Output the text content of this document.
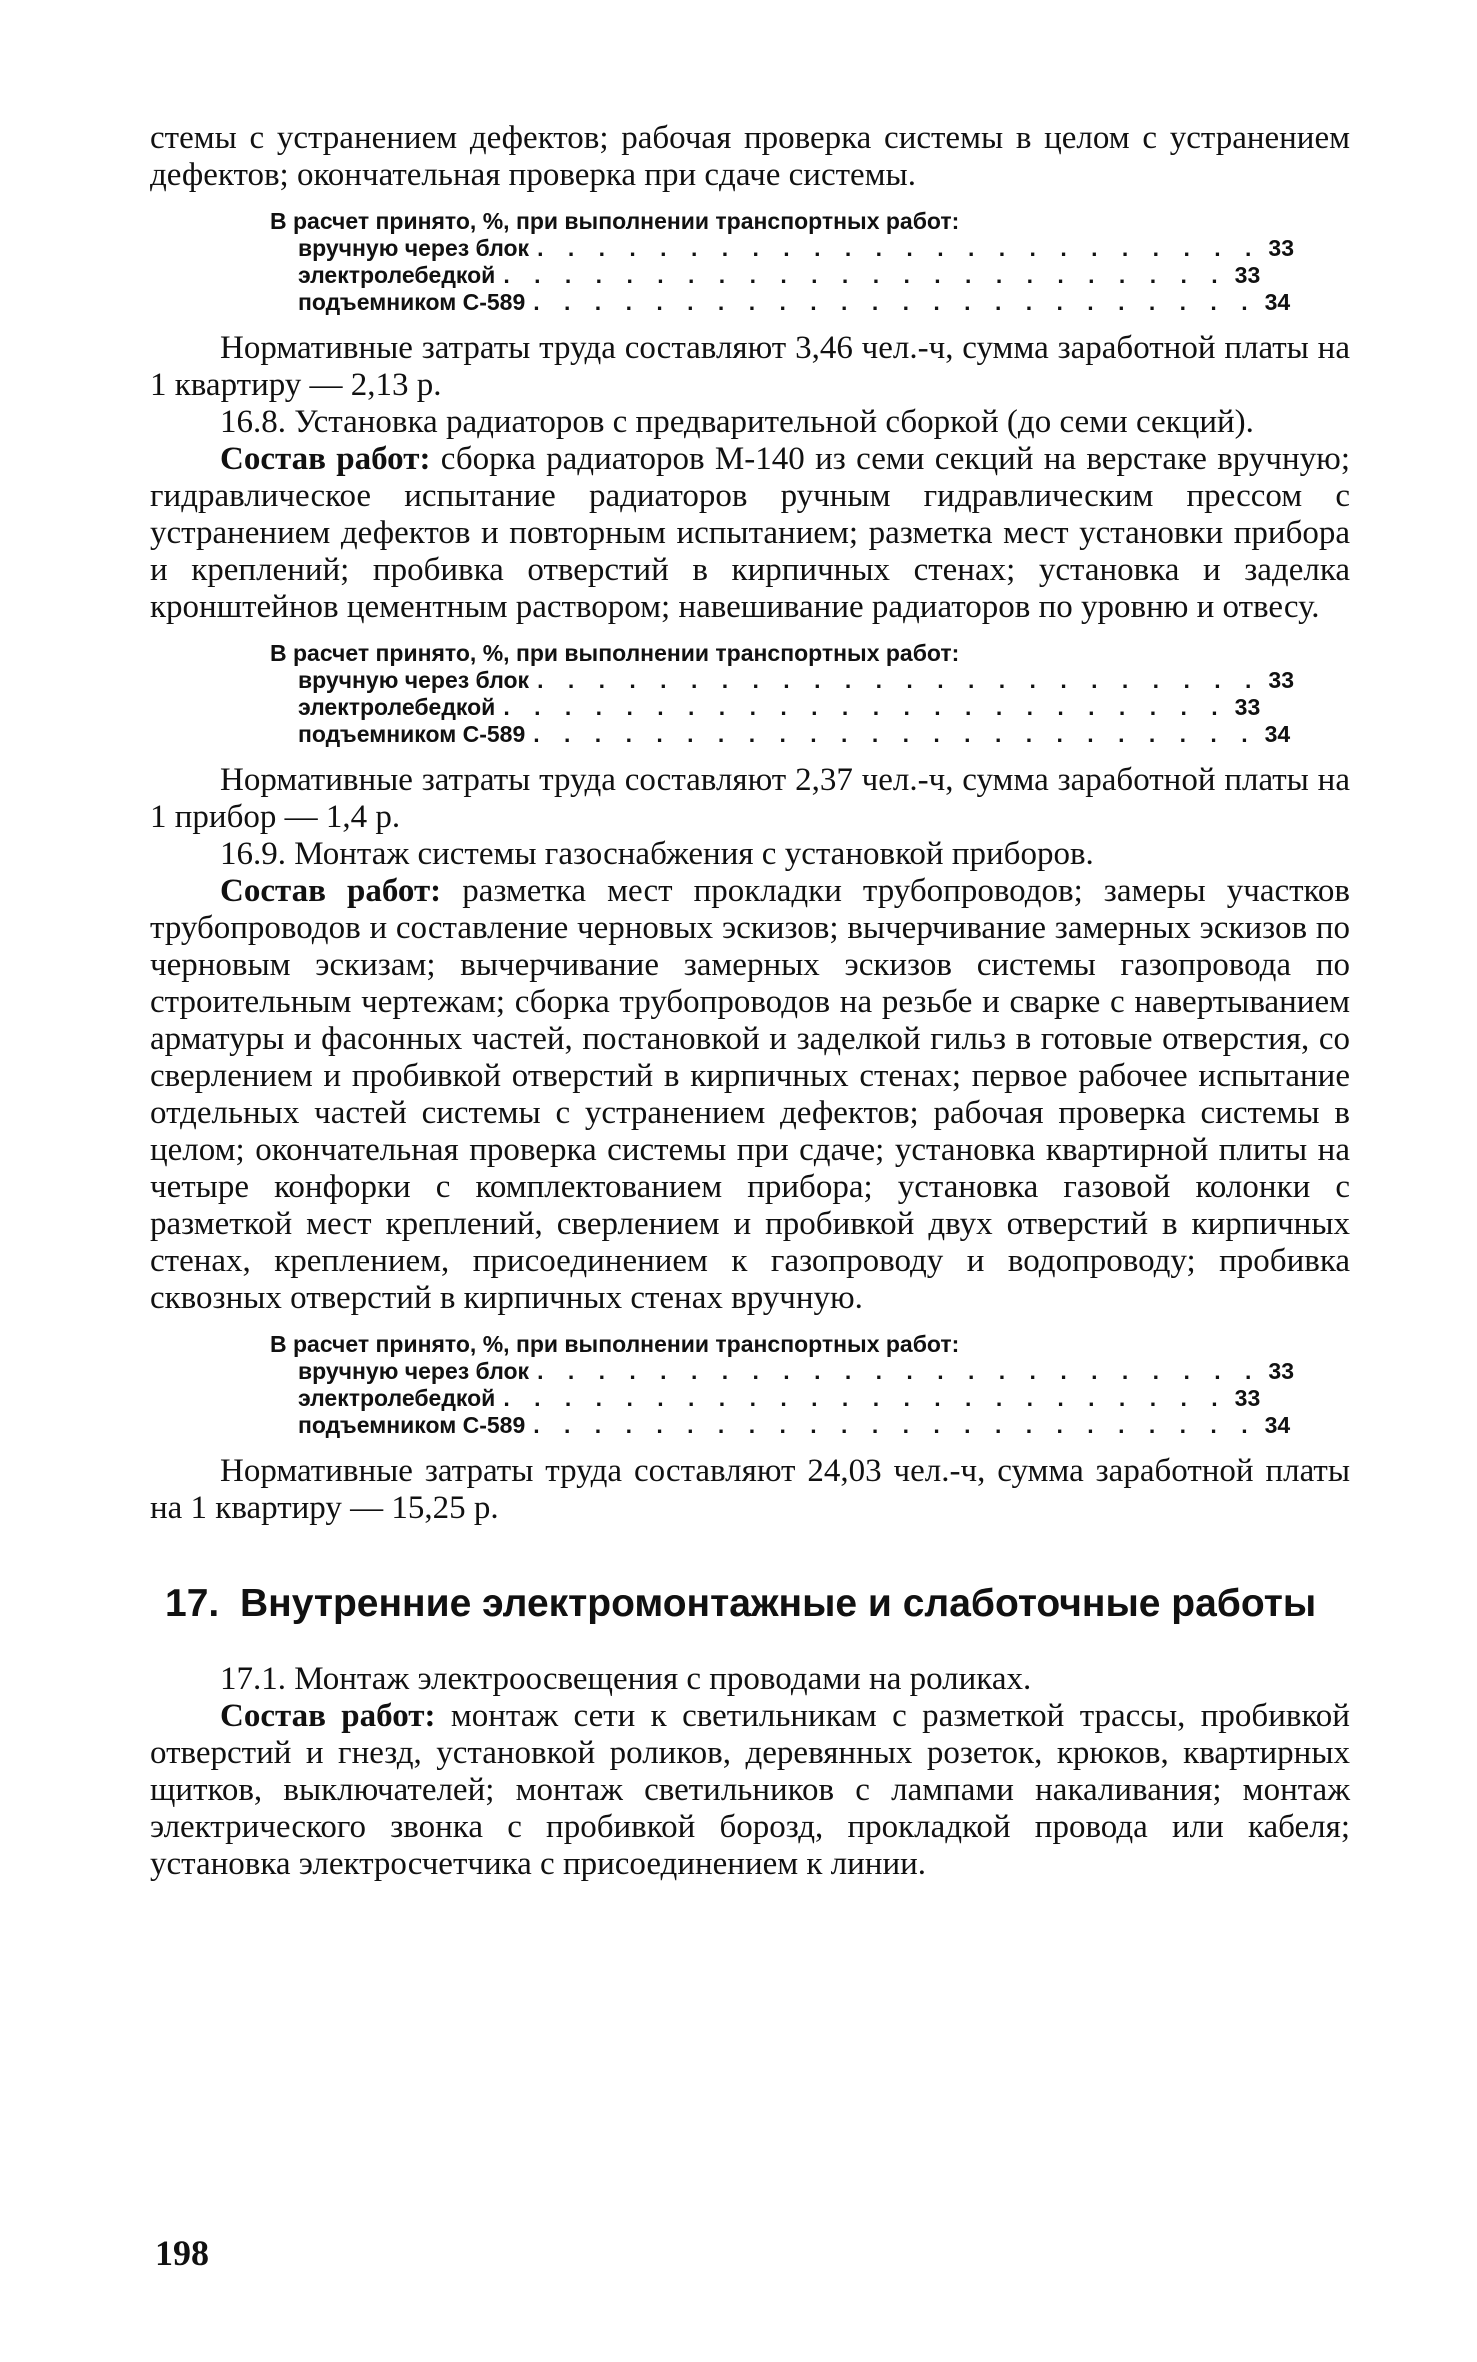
стемы с устранением дефектов; рабочая проверка системы в целом с устранением дефектов; окончательная проверка при сдаче системы.

В расчет принято, %, при выполнении транспортных работ:
вручную через блок . . . . . . . . . . . . . . . . . . . . . . . . 33
электролебедкой . . . . . . . . . . . . . . . . . . . . . . . . 33
подъемником С-589 . . . . . . . . . . . . . . . . . . . . . . . . 34

Нормативные затраты труда составляют 3,46 чел.-ч, сумма заработной платы на 1 квартиру — 2,13 р.

16.8. Установка радиаторов с предварительной сборкой (до семи секций).

Состав работ: сборка радиаторов М-140 из семи секций на верстаке вручную; гидравлическое испытание радиаторов ручным гидравлическим прессом с устранением дефектов и повторным испытанием; разметка мест установки прибора и креплений; пробивка отверстий в кирпичных стенах; установка и заделка кронштейнов цементным раствором; навешивание радиаторов по уровню и отвесу.

В расчет принято, %, при выполнении транспортных работ:
вручную через блок . . . . . . . . . . . . . . . . . . . . . . . . 33
электролебедкой . . . . . . . . . . . . . . . . . . . . . . . . 33
подъемником С-589 . . . . . . . . . . . . . . . . . . . . . . . . 34

Нормативные затраты труда составляют 2,37 чел.-ч, сумма заработной платы на 1 прибор — 1,4 р.

16.9. Монтаж системы газоснабжения с установкой приборов.

Состав работ: разметка мест прокладки трубопроводов; замеры участков трубопроводов и составление черновых эскизов; вычерчивание замерных эскизов по черновым эскизам; вычерчивание замерных эскизов системы газопровода по строительным чертежам; сборка трубопроводов на резьбе и сварке с навертыванием арматуры и фасонных частей, постановкой и заделкой гильз в готовые отверстия, со сверлением и пробивкой отверстий в кирпичных стенах; первое рабочее испытание отдельных частей системы с устранением дефектов; рабочая проверка системы в целом; окончательная проверка системы при сдаче; установка квартирной плиты на четыре конфорки с комплектованием прибора; установка газовой колонки с разметкой мест креплений, сверлением и пробивкой двух отверстий в кирпичных стенах, креплением, присоединением к газопроводу и водопроводу; пробивка сквозных отверстий в кирпичных стенах вручную.

В расчет принято, %, при выполнении транспортных работ:
вручную через блок . . . . . . . . . . . . . . . . . . . . . . . . 33
электролебедкой . . . . . . . . . . . . . . . . . . . . . . . . 33
подъемником С-589 . . . . . . . . . . . . . . . . . . . . . . . . 34

Нормативные затраты труда составляют 24,03 чел.-ч, сумма заработной платы на 1 квартиру — 15,25 р.

17. Внутренние электромонтажные и слаботочные работы

17.1. Монтаж электроосвещения с проводами на роликах.

Состав работ: монтаж сети к светильникам с разметкой трассы, пробивкой отверстий и гнезд, установкой роликов, деревянных розеток, крюков, квартирных щитков, выключателей; монтаж светильников с лампами накаливания; монтаж электрического звонка с пробивкой борозд, прокладкой провода или кабеля; установка электросчетчика с присоединением к линии.

198
